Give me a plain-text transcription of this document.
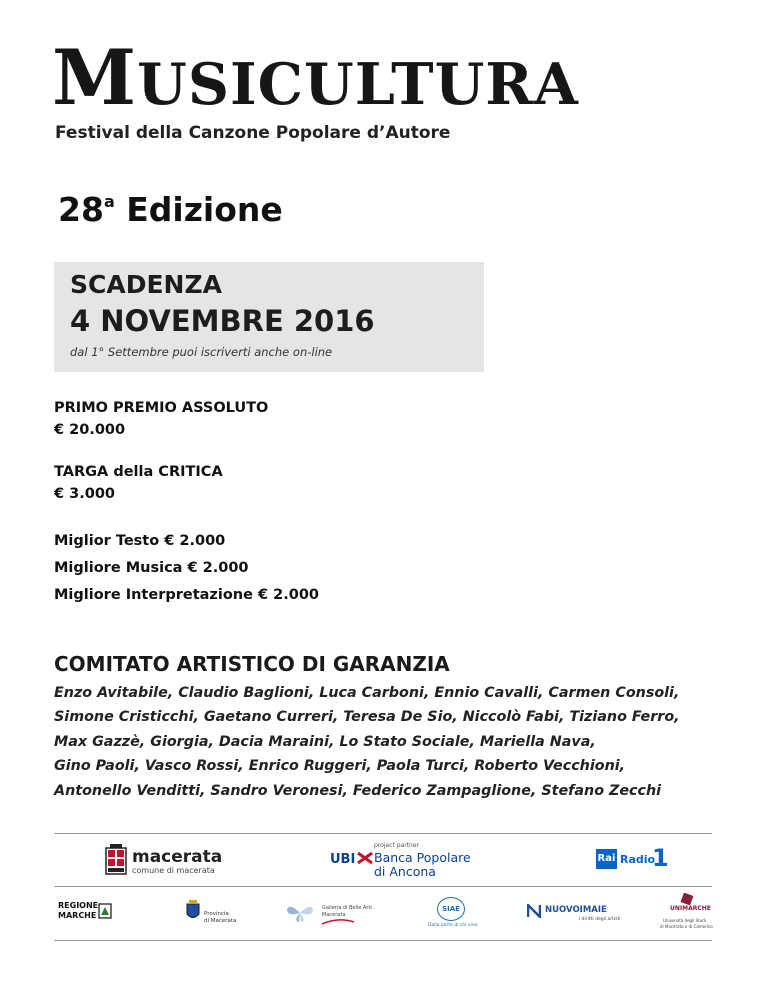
MUSICULTURA
Festival della Canzone Popolare d’Autore
28$^a$ Edizione
SCADENZA
4 NOVEMBRE 2016
dal 1° Settembre puoi iscriverti anche on-line
PRIMO PREMIO ASSOLUTO
€ 20.000
TARGA della CRITICA
€ 3.000
Miglior Testo € 2.000
Migliore Musica € 2.000
Migliore Interpretazione € 2.000
COMITATO ARTISTICO DI GARANZIA
Enzo Avitabile, Claudio Baglioni, Luca Carboni, Ennio Cavalli, Carmen Consoli,
Simone Cristicchi, Gaetano Curreri, Teresa De Sio, Niccolò Fabi, Tiziano Ferro,
Max Gazzè, Giorgia, Dacia Maraini, Lo Stato Sociale, Mariella Nava,
Gino Paoli, Vasco Rossi, Enrico Ruggeri, Paola Turci, Roberto Vecchioni,
Antonello Venditti, Sandro Veronesi, Federico Zampaglione, Stefano Zecchi
macerata
comune di macerata
UBI
project partner
Banca Popolare
di Ancona
Rai Radio
1
REGIONE
MARCHE	Provincia
di Macerata
Galleria di Belle Arti
Macerata
SIAE
Dalla parte di chi crea
NUOVOIMAIE
i diritti degli artisti
UNIMARCHE
Università degli Studi
di Macerata e di Camerino
